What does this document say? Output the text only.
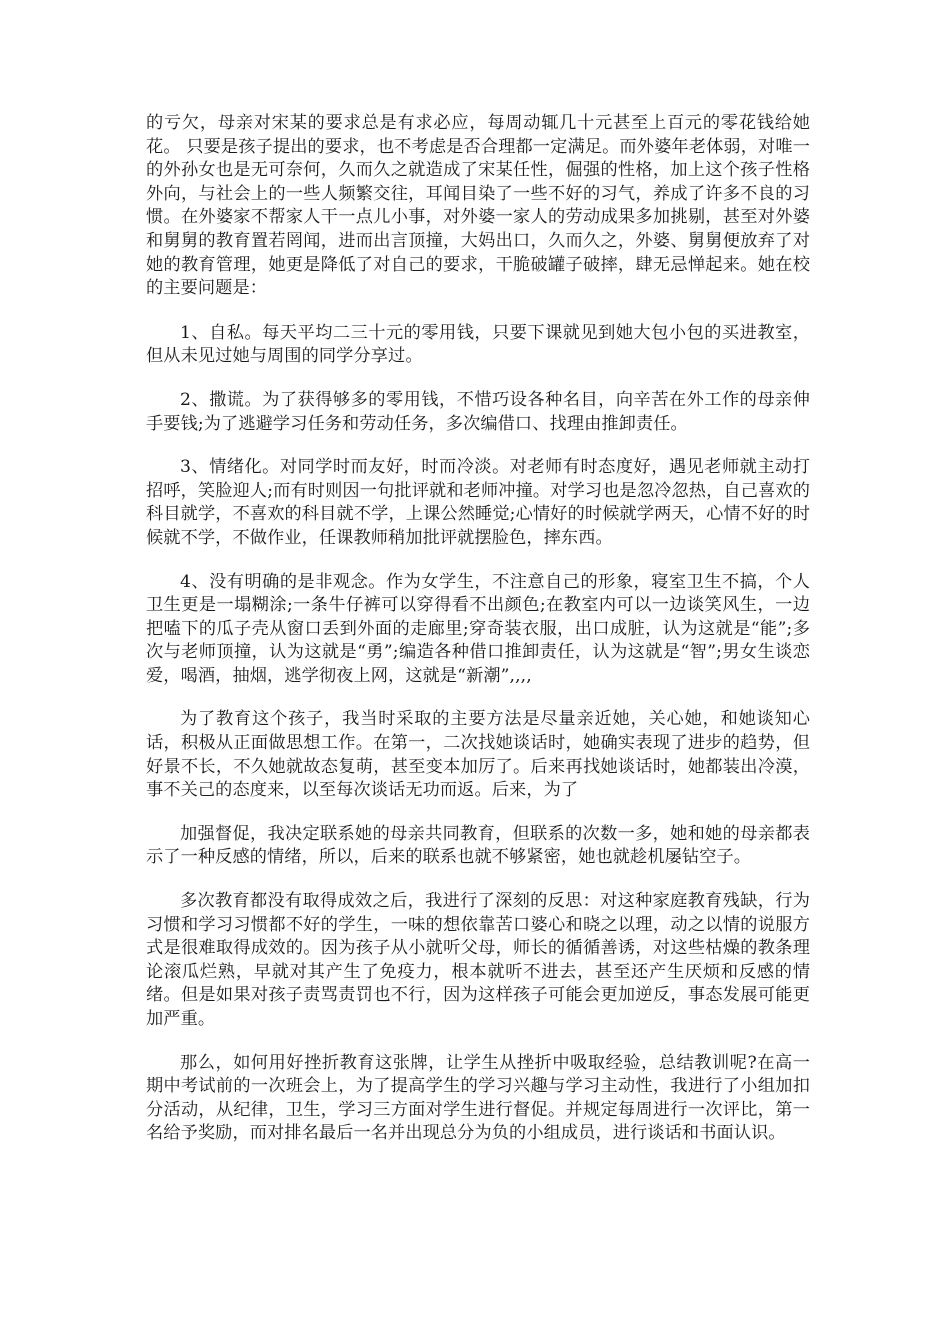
的亏欠，母亲对宋某的要求总是有求必应，每周动辄几十元甚至上百元的零花钱给她花。 只要是孩子提出的要求，也不考虑是否合理都一定满足。而外婆年老体弱，对唯一的外孙女也是无可奈何，久而久之就造成了宋某任性，倔强的性格，加上这个孩子性格外向，与社会上的一些人频繁交往，耳闻目染了一些不好的习气，养成了许多不良的习惯。在外婆家不帮家人干一点儿小事，对外婆一家人的劳动成果多加挑剔，甚至对外婆和舅舅的教育置若罔闻，进而出言顶撞，大妈出口，久而久之，外婆、舅舅便放弃了对她的教育管理，她更是降低了对自己的要求，干脆破罐子破摔，肆无忌惮起来。她在校的主要问题是：

1、自私。每天平均二三十元的零用钱，只要下课就见到她大包小包的买进教室，但从未见过她与周围的同学分享过。

2、撒谎。为了获得够多的零用钱，不惜巧设各种名目，向辛苦在外工作的母亲伸手要钱;为了逃避学习任务和劳动任务，多次编借口、找理由推卸责任。

3、情绪化。对同学时而友好，时而冷淡。对老师有时态度好，遇见老师就主动打招呼，笑脸迎人;而有时则因一句批评就和老师冲撞。对学习也是忽冷忽热，自己喜欢的科目就学，不喜欢的科目就不学，上课公然睡觉;心情好的时候就学两天，心情不好的时候就不学，不做作业，任课教师稍加批评就摆脸色，摔东西。

4、没有明确的是非观念。作为女学生，不注意自己的形象，寝室卫生不搞，个人卫生更是一塌糊涂;一条牛仔裤可以穿得看不出颜色;在教室内可以一边谈笑风生，一边把嗑下的瓜子壳从窗口丢到外面的走廊里;穿奇装衣服，出口成脏，认为这就是“能”;多次与老师顶撞，认为这就是“勇”;编造各种借口推卸责任，认为这就是“智”;男女生谈恋爱，喝酒，抽烟，逃学彻夜上网，这就是“新潮”,,,,

为了教育这个孩子，我当时采取的主要方法是尽量亲近她，关心她，和她谈知心话，积极从正面做思想工作。在第一，二次找她谈话时，她确实表现了进步的趋势，但好景不长，不久她就故态复萌，甚至变本加厉了。后来再找她谈话时，她都装出冷漠，事不关己的态度来，以至每次谈话无功而返。后来，为了

加强督促，我决定联系她的母亲共同教育，但联系的次数一多，她和她的母亲都表示了一种反感的情绪，所以，后来的联系也就不够紧密，她也就趁机屡钻空子。

多次教育都没有取得成效之后，我进行了深刻的反思：对这种家庭教育残缺，行为习惯和学习习惯都不好的学生，一味的想依靠苦口婆心和晓之以理，动之以情的说服方式是很难取得成效的。因为孩子从小就听父母，师长的循循善诱，对这些枯燥的教条理论滚瓜烂熟，早就对其产生了免疫力，根本就听不进去，甚至还产生厌烦和反感的情绪。但是如果对孩子责骂责罚也不行，因为这样孩子可能会更加逆反，事态发展可能更加严重。

那么，如何用好挫折教育这张牌，让学生从挫折中吸取经验，总结教训呢?在高一期中考试前的一次班会上，为了提高学生的学习兴趣与学习主动性，我进行了小组加扣分活动，从纪律，卫生，学习三方面对学生进行督促。并规定每周进行一次评比，第一名给予奖励，而对排名最后一名并出现总分为负的小组成员，进行谈话和书面认识。
